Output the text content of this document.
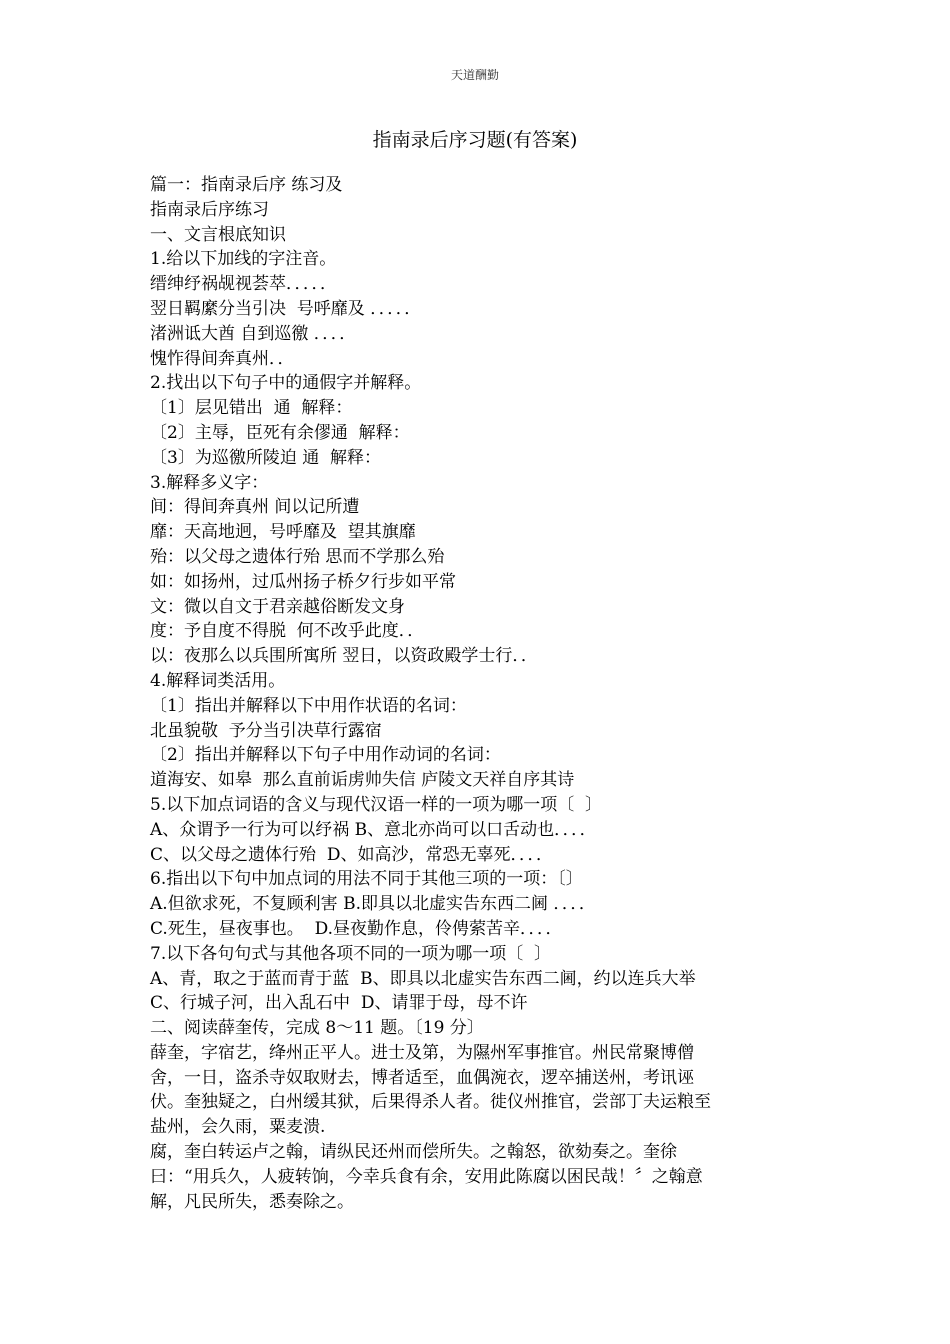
天道酬勤
指南录后序习题(有答案)

篇一：指南录后序 练习及

指南录后序练习

一、文言根底知识

1.给以下加线的字注音。

缙绅纾祸觇视荟萃．．．．．

翌日羁縻分当引决  号呼靡及 ．．．．．

渚洲诋大酋 自到巡徼 ．．．．

愧怍得间奔真州．．

2.找出以下句子中的通假字并解释。

〔1〕层见错出  通  解释：

〔2〕主辱，臣死有余僇通  解释：

〔3〕为巡徼所陵迫 通  解释：

3.解释多义字：

间：得间奔真州 间以记所遭

靡：天高地迥，号呼靡及  望其旗靡

殆：以父母之遗体行殆 思而不学那么殆

如：如扬州，过瓜州扬子桥夕行步如平常

文：微以自文于君亲越俗断发文身

度：予自度不得脱  何不改乎此度．．

以：夜那么以兵围所寓所 翌日，以资政殿学士行．．

4.解释词类活用。

〔1〕指出并解释以下中用作状语的名词：

北虽貌敬  予分当引决草行露宿

〔2〕指出并解释以下句子中用作动词的名词：

道海安、如皋  那么直前诟虏帅失信 庐陵文天祥自序其诗

5.以下加点词语的含义与现代汉语一样的一项为哪一项〔  〕

A、众谓予一行为可以纾祸 B、意北亦尚可以口舌动也．．．．

C、以父母之遗体行殆  D、如高沙，常恐无辜死．．．．

6.指出以下句中加点词的用法不同于其他三项的一项：〔〕

A.但欲求死，不复顾利害 B.即具以北虚实告东西二阃 ．．．．

C.死生，昼夜事也。  D.昼夜勤作息，伶俜萦苦辛．．．．

7.以下各句句式与其他各项不同的一项为哪一项〔  〕

A、青，取之于蓝而青于蓝  B、即具以北虚实告东西二阃，约以连兵大举

C、行城子河，出入乱石中  D、请罪于母，母不许

二、阅读薛奎传，完成 8～11 题。〔19 分〕

薛奎，字宿艺，绛州正平人。进士及第，为隰州军事推官。州民常聚博僧

舍，一日，盗杀寺奴取财去，博者适至，血偶涴衣，逻卒捕送州，考讯诬

伏。奎独疑之，白州缓其狱，后果得杀人者。徙仪州推官，尝部丁夫运粮至

盐州，会久雨，粟麦溃.

腐，奎白转运卢之翰，请纵民还州而偿所失。之翰怒，欲劾奏之。奎徐

曰：“用兵久，人疲转饷，今幸兵食有余，安用此陈腐以困民哉！〞之翰意

解，凡民所失，悉奏除之。
